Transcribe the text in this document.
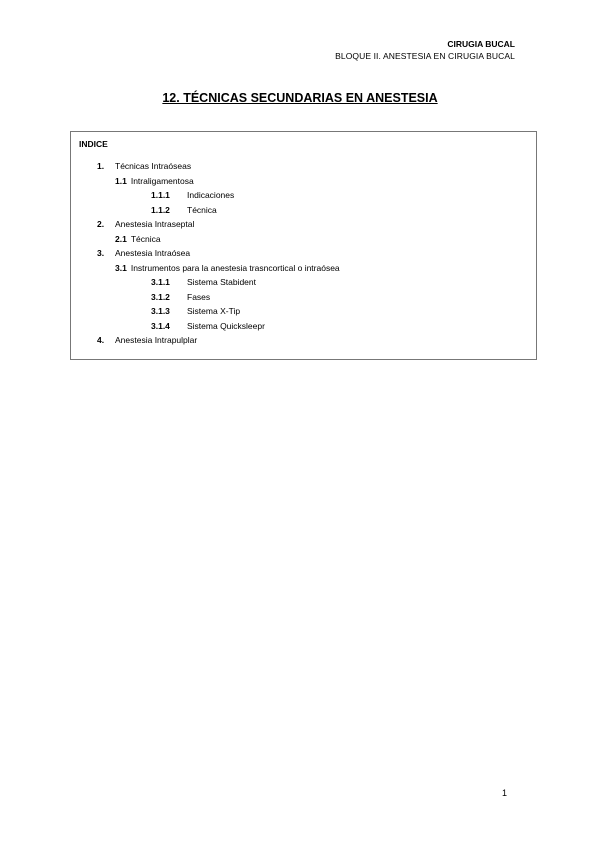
CIRUGIA BUCAL
BLOQUE II. ANESTESIA EN CIRUGIA BUCAL
12. TÉCNICAS SECUNDARIAS EN ANESTESIA
INDICE
1. Técnicas Intraóseas
1.1 Intraligamentosa
1.1.1 Indicaciones
1.1.2 Técnica
2. Anestesia Intraseptal
2.1 Técnica
3. Anestesia Intraósea
3.1 Instrumentos para la anestesia trasncortical o intraósea
3.1.1 Sistema Stabident
3.1.2 Fases
3.1.3 Sistema X-Tip
3.1.4 Sistema Quicksleepr
4. Anestesia Intrapulplar
1
